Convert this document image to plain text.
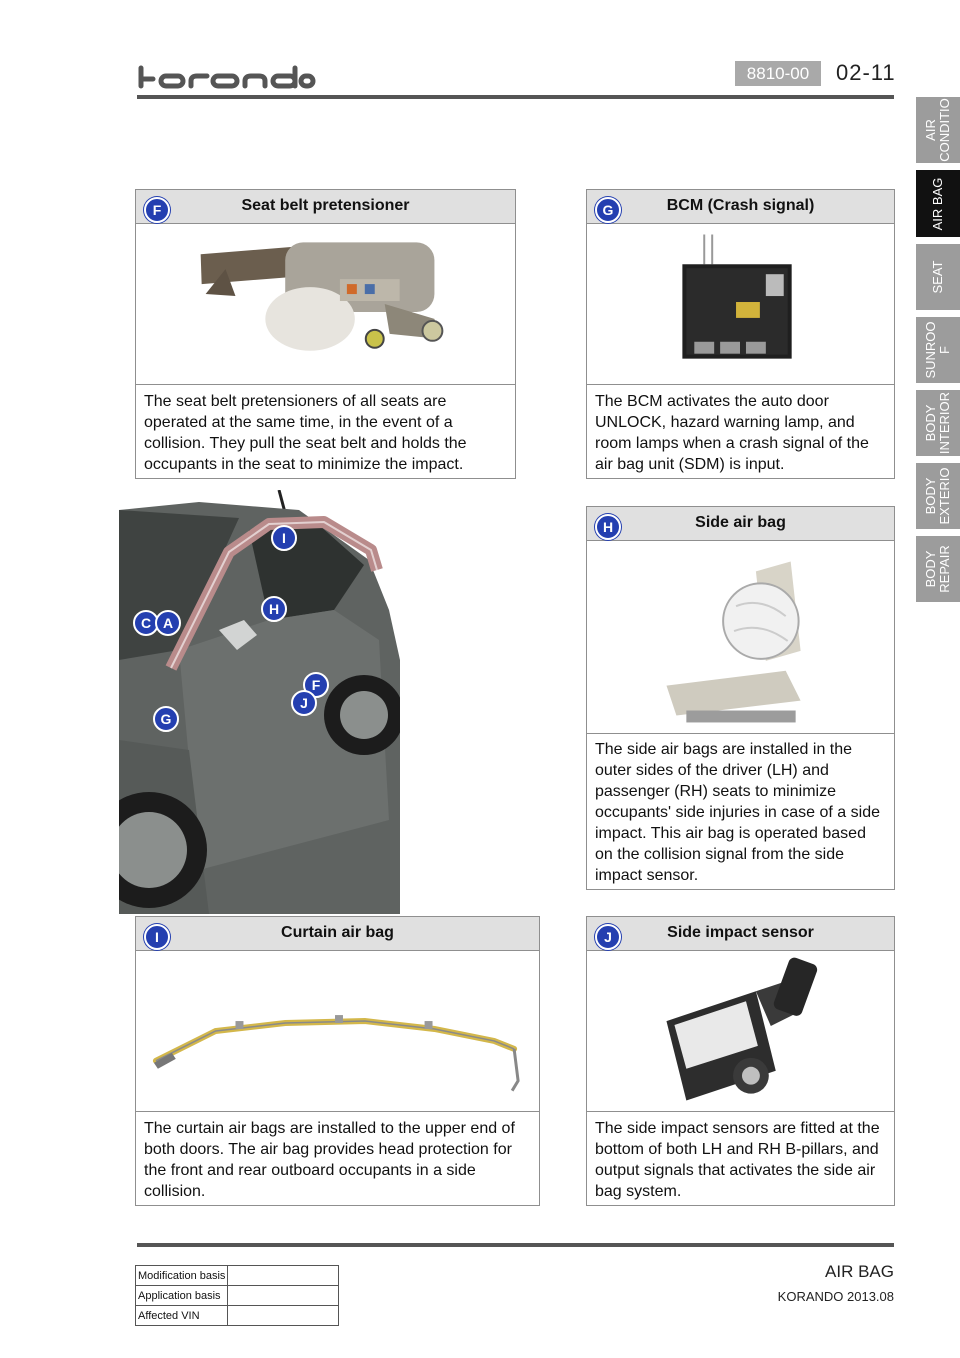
korando
8810-00	02-11
AIR
CONDITIO
AIR BAG
SEAT
SUNROO
F
BODY
INTERIOR
BODY
EXTERIO
BODY
REPAIR
F	Seat belt pretensioner
The seat belt pretensioners of all seats are
operated at the same time, in the event of a
collision. They pull the seat belt and holds the
occupants in the seat to minimize the impact.
G	BCM (Crash signal)
The BCM activates the auto door
UNLOCK, hazard warning lamp, and
room lamps when a crash signal of the
air bag unit (SDM) is input.
I
C A
H
F
J
G
H	Side air bag
The side air bags are installed in the
outer sides of the driver (LH) and
passenger (RH) seats to minimize
occupants' side injuries in case of a side
impact. This air bag is operated based
on the collision signal from the side
impact sensor.
I	Curtain air bag
The curtain air bags are installed to the upper end of
both doors. The air bag provides head protection for
the front and rear outboard occupants in a side
collision.
J	Side impact sensor
The side impact sensors are fitted at the
bottom of both LH and RH B-pillars, and
output signals that activates the side air
bag system.
Modification basis	
Application basis	
Affected VIN	
AIR BAG
KORANDO 2013.08
